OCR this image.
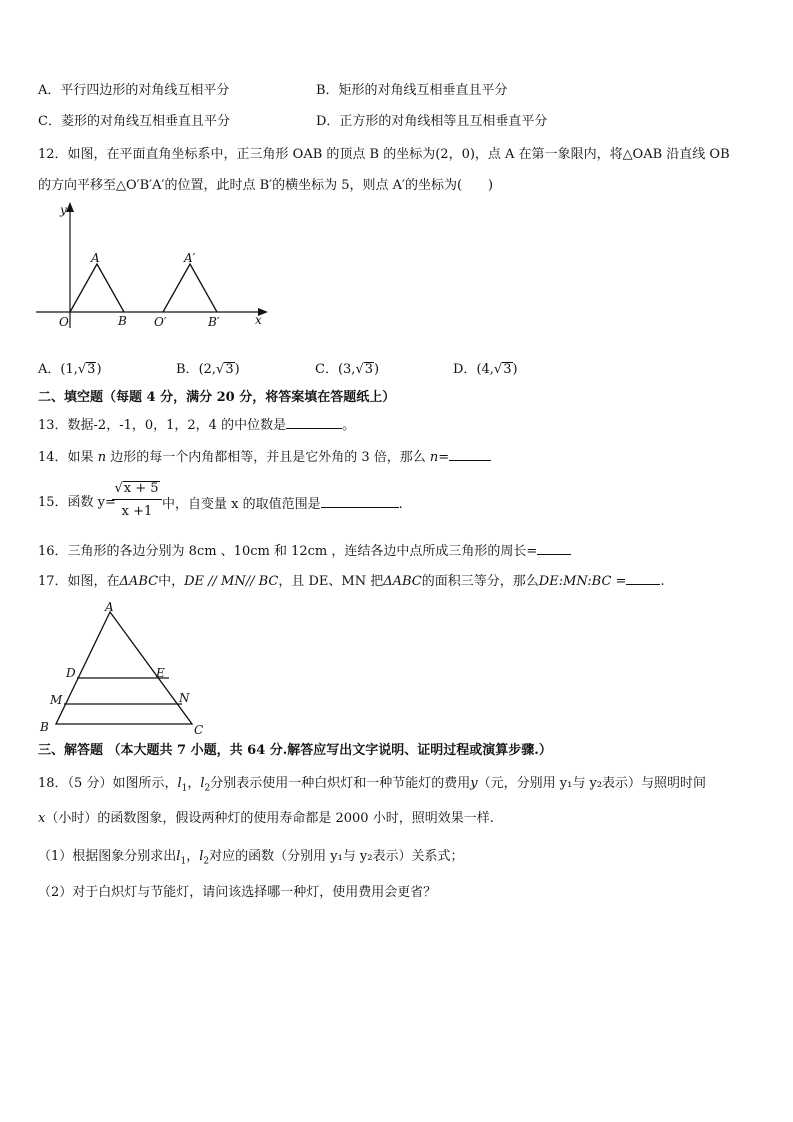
A．平行四边形的对角线互相平分	B．矩形的对角线互相垂直且平分
C．菱形的对角线互相垂直且平分	D．正方形的对角线相等且互相垂直平分
12．如图，在平面直角坐标系中，正三角形 OAB 的顶点 B 的坐标为(2，0)，点 A 在第一象限内，将△OAB 沿直线 OB
的方向平移至△O′B′A′的位置，此时点 B′的横坐标为 5，则点 A′的坐标为(　　)
y
x
O
A
B O′
A′
B′
A．(1,√3)	B．(2,√3)	C．(3,√3)	D．(4,√3)
二、填空题（每题 4 分，满分 20 分，将答案填在答题纸上）
13．数据-2，-1，0，1，2，4 的中位数是	。
14．如果 n 边形的每一个内角都相等，并且是它外角的 3 倍，那么 n=
15．函数 y=
$\frac{√x + 5}{x +1}$ 中，自变量 x 的取值范围是	.
16．三角形的各边分别为 8cm 、10cm 和 12cm ，连结各边中点所成三角形的周长=
17．如图，在ΔABC中，DE // MN// BC，且 DE、MN 把ΔABC的面积三等分，那么DE:MN:BC =	.
A
B	C
D	E
M	N
三、解答题 （本大题共 7 小题，共 64 分.解答应写出文字说明、证明过程或演算步骤.）
18．（5 分）如图所示，$l_1$，$l_2$分别表示使用一种白炽灯和一种节能灯的费用y（元，分别用 y₁与 y₂表示）与照明时间
x（小时）的函数图象，假设两种灯的使用寿命都是 2000 小时，照明效果一样.
（1）根据图象分别求出$l_1$，$l_2$对应的函数（分别用 y₁与 y₂表示）关系式；
（2）对于白炽灯与节能灯，请问该选择哪一种灯，使用费用会更省？
